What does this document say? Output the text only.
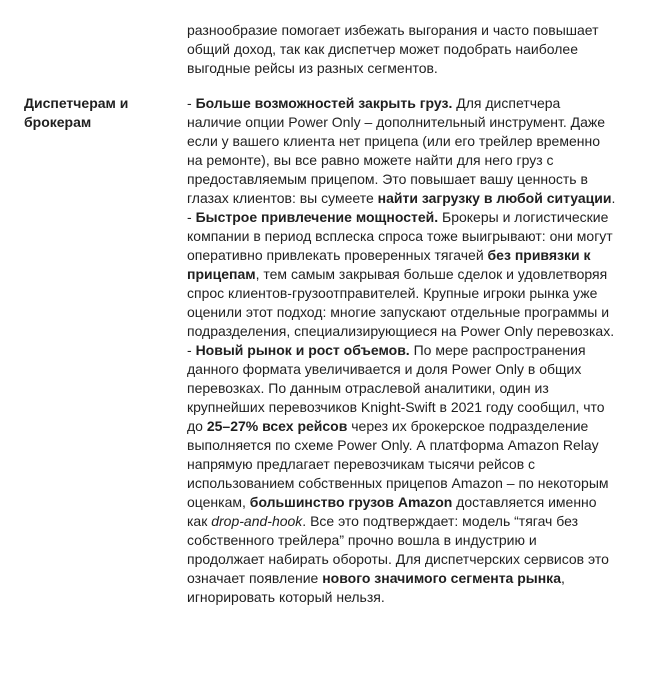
разнообразие помогает избежать выгорания и часто повышает общий доход, так как диспетчер может подобрать наиболее выгодные рейсы из разных сегментов.

Диспетчерам и брокерам

- Больше возможностей закрыть груз. Для диспетчера наличие опции Power Only – дополнительный инструмент. Даже если у вашего клиента нет прицепа (или его трейлер временно на ремонте), вы все равно можете найти для него груз с предоставляемым прицепом. Это повышает вашу ценность в глазах клиентов: вы сумеете найти загрузку в любой ситуации.

- Быстрое привлечение мощностей. Брокеры и логистические компании в период всплеска спроса тоже выигрывают: они могут оперативно привлекать проверенных тягачей без привязки к прицепам, тем самым закрывая больше сделок и удовлетворяя спрос клиентов-грузоотправителей. Крупные игроки рынка уже оценили этот подход: многие запускают отдельные программы и подразделения, специализирующиеся на Power Only перевозках.

- Новый рынок и рост объемов. По мере распространения данного формата увеличивается и доля Power Only в общих перевозках. По данным отраслевой аналитики, один из крупнейших перевозчиков Knight-Swift в 2021 году сообщил, что до 25–27% всех рейсов через их брокерское подразделение выполняется по схеме Power Only. А платформа Amazon Relay напрямую предлагает перевозчикам тысячи рейсов с использованием собственных прицепов Amazon – по некоторым оценкам, большинство грузов Amazon доставляется именно как drop-and-hook. Все это подтверждает: модель “тягач без собственного трейлера” прочно вошла в индустрию и продолжает набирать обороты. Для диспетчерских сервисов это означает появление нового значимого сегмента рынка, игнорировать который нельзя.
